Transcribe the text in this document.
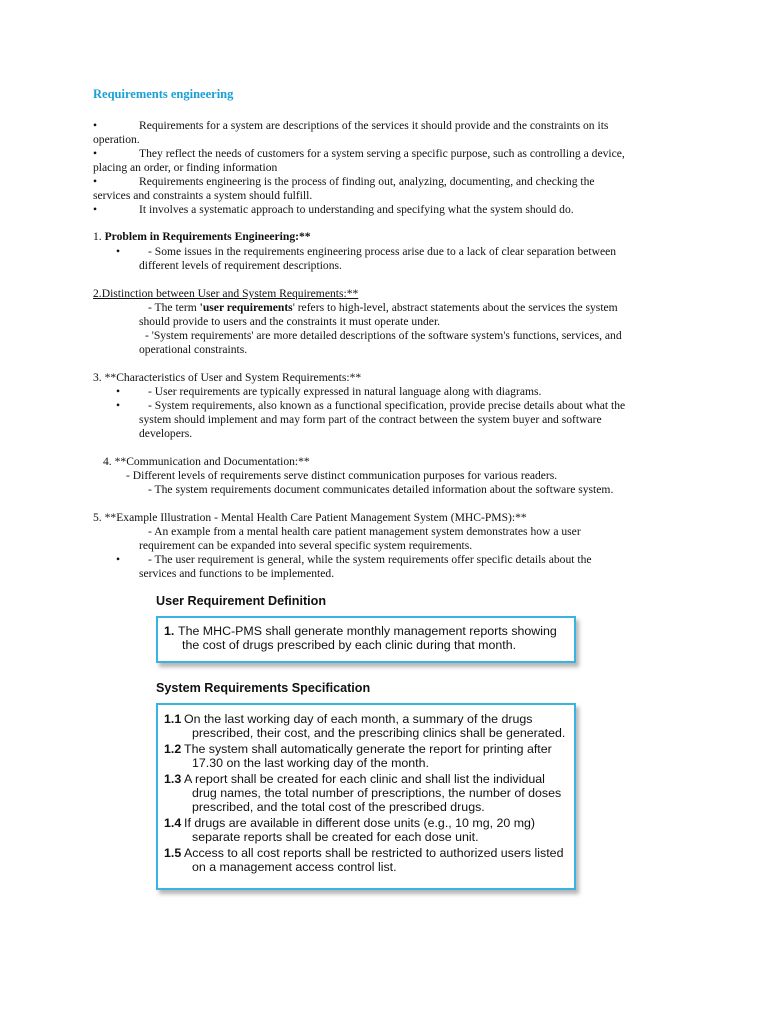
Requirements engineering
•	Requirements for a system are descriptions of the services it should provide and the constraints on its
operation.
•	They reflect the needs of customers for a system serving a specific purpose, such as controlling a device,
placing an order, or finding information
•	Requirements engineering is the process of finding out, analyzing, documenting, and checking the
services and constraints a system should fulfill.
•	It involves a systematic approach to understanding and specifying what the system should do.
1. Problem in Requirements Engineering:**
• - Some issues in the requirements engineering process arise due to a lack of clear separation between
different levels of requirement descriptions.
2.Distinction between User and System Requirements:**
- The term 'user requirements' refers to high-level, abstract statements about the services the system
should provide to users and the constraints it must operate under.
- 'System requirements' are more detailed descriptions of the software system's functions, services, and
operational constraints.
3. **Characteristics of User and System Requirements:**
• - User requirements are typically expressed in natural language along with diagrams.
• - System requirements, also known as a functional specification, provide precise details about what the
system should implement and may form part of the contract between the system buyer and software
developers.
4. **Communication and Documentation:**
- Different levels of requirements serve distinct communication purposes for various readers.
- The system requirements document communicates detailed information about the software system.
5. **Example Illustration - Mental Health Care Patient Management System (MHC-PMS):**
- An example from a mental health care patient management system demonstrates how a user
requirement can be expanded into several specific system requirements.
• - The user requirement is general, while the system requirements offer specific details about the
services and functions to be implemented.
User Requirement Definition
1. The MHC-PMS shall generate monthly management reports showing
the cost of drugs prescribed by each clinic during that month.
System Requirements Specification
1.1 On the last working day of each month, a summary of the drugs
prescribed, their cost, and the prescribing clinics shall be generated.
1.2 The system shall automatically generate the report for printing after
17.30 on the last working day of the month.
1.3 A report shall be created for each clinic and shall list the individual
drug names, the total number of prescriptions, the number of doses
prescribed, and the total cost of the prescribed drugs.
1.4 If drugs are available in different dose units (e.g., 10 mg, 20 mg)
separate reports shall be created for each dose unit.
1.5 Access to all cost reports shall be restricted to authorized users listed
on a management access control list.
